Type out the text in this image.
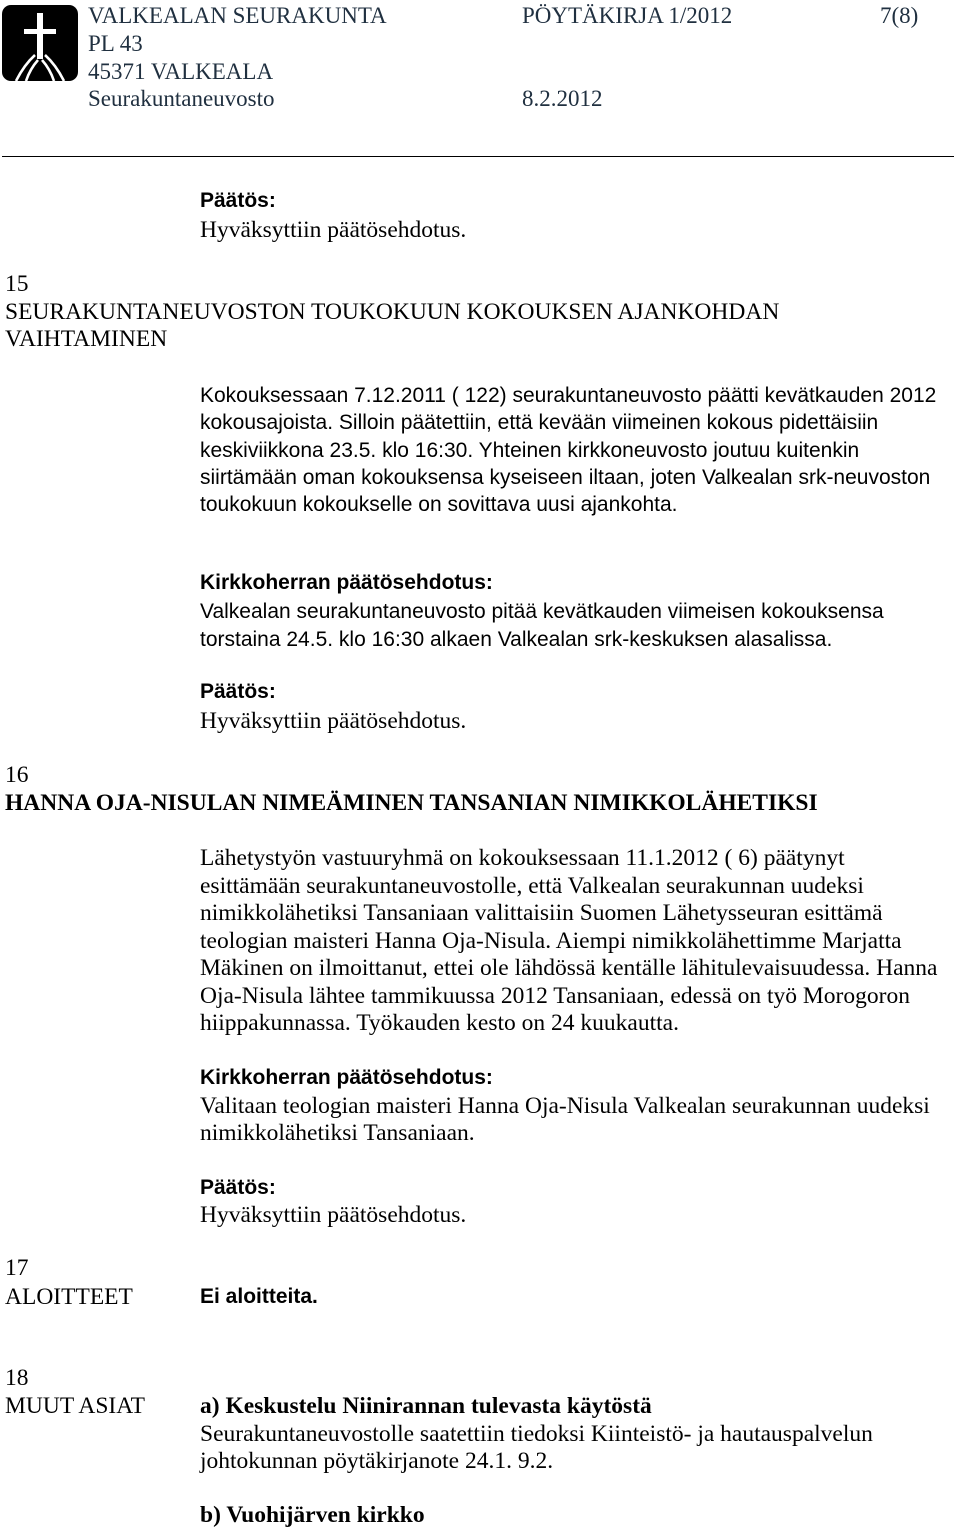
VALKEALAN SEURAKUNTA	PÖYTÄKIRJA 1/2012	7(8)
PL 43
45371 VALKEALA
Seurakuntaneuvosto	8.2.2012
Päätös:
Hyväksyttiin päätösehdotus.
15
SEURAKUNTANEUVOSTON TOUKOKUUN KOKOUKSEN AJANKOHDAN
VAIHTAMINEN
Kokouksessaan 7.12.2011 ( 122) seurakuntaneuvosto päätti kevätkauden 2012
kokousajoista. Silloin päätettiin, että kevään viimeinen kokous pidettäisiin
keskiviikkona 23.5. klo 16:30. Yhteinen kirkkoneuvosto joutuu kuitenkin
siirtämään oman kokouksensa kyseiseen iltaan, joten Valkealan srk-neuvoston
toukokuun kokoukselle on sovittava uusi ajankohta.
Kirkkoherran päätösehdotus:
Valkealan seurakuntaneuvosto pitää kevätkauden viimeisen kokouksensa
torstaina 24.5. klo 16:30 alkaen Valkealan srk-keskuksen alasalissa.
Päätös:
Hyväksyttiin päätösehdotus.
16
HANNA OJA-NISULAN NIMEÄMINEN TANSANIAN NIMIKKOLÄHETIKSI
Lähetystyön vastuuryhmä on kokouksessaan 11.1.2012 ( 6) päätynyt
esittämään seurakuntaneuvostolle, että Valkealan seurakunnan uudeksi
nimikkolähetiksi Tansaniaan valittaisiin Suomen Lähetysseuran esittämä
teologian maisteri Hanna Oja-Nisula. Aiempi nimikkolähettimme Marjatta
Mäkinen on ilmoittanut, ettei ole lähdössä kentälle lähitulevaisuudessa. Hanna
Oja-Nisula lähtee tammikuussa 2012 Tansaniaan, edessä on työ Morogoron
hiippakunnassa. Työkauden kesto on 24 kuukautta.
Kirkkoherran päätösehdotus:
Valitaan teologian maisteri Hanna Oja-Nisula Valkealan seurakunnan uudeksi
nimikkolähetiksi Tansaniaan.
Päätös:
Hyväksyttiin päätösehdotus.
17
ALOITTEET	Ei aloitteita.
18
MUUT ASIAT a) Keskustelu Niinirannan tulevasta käytöstä
Seurakuntaneuvostolle saatettiin tiedoksi Kiinteistö- ja hautauspalvelun
johtokunnan pöytäkirjanote 24.1. 9.2.
b) Vuohijärven kirkko
